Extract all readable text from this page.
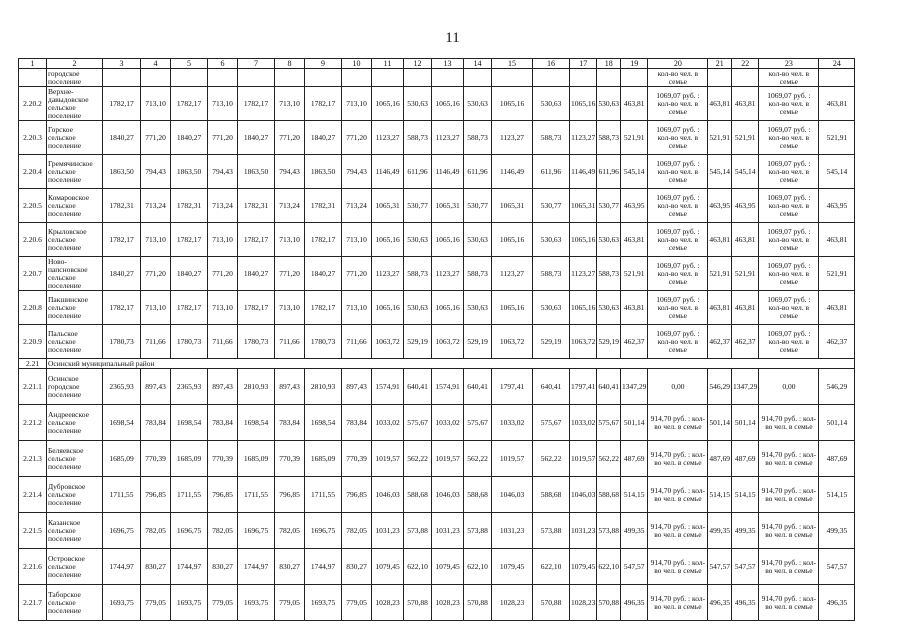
11
1	2	3	4	5	6	7	8	9	10	11	12	13	14	15	16	17	18	19	20	21	22	23	24
	городское поселение																		кол-во чел. в семье			кол-во чел. в семье	
2.20.2	Верхне-давыдовское сельское поселение	1782,17	713,10	1782,17	713,10	1782,17	713,10	1782,17	713,10	1065,16	530,63	1065,16	530,63	1065,16	530,63	1065,16	530,63	463,81	1069,07 руб. : кол-во чел. в семье	463,81	463,81	1069,07 руб. : кол-во чел. в семье	463,81
2.20.3	Горское сельское поселение	1840,27	771,20	1840,27	771,20	1840,27	771,20	1840,27	771,20	1123,27	588,73	1123,27	588,73	1123,27	588,73	1123,27	588,73	521,91	1069,07 руб. : кол-во чел. в семье	521,91	521,91	1069,07 руб. : кол-во чел. в семье	521,91
2.20.4	Гремячинское сельское поселение	1863,50	794,43	1863,50	794,43	1863,50	794,43	1863,50	794,43	1146,49	611,96	1146,49	611,96	1146,49	611,96	1146,49	611,96	545,14	1069,07 руб. : кол-во чел. в семье	545,14	545,14	1069,07 руб. : кол-во чел. в семье	545,14
2.20.5	Комаровское сельское поселение	1782,31	713,24	1782,31	713,24	1782,31	713,24	1782,31	713,24	1065,31	530,77	1065,31	530,77	1065,31	530,77	1065,31	530,77	463,95	1069,07 руб. : кол-во чел. в семье	463,95	463,95	1069,07 руб. : кол-во чел. в семье	463,95
2.20.6	Крыловское сельское поселение	1782,17	713,10	1782,17	713,10	1782,17	713,10	1782,17	713,10	1065,16	530,63	1065,16	530,63	1065,16	530,63	1065,16	530,63	463,81	1069,07 руб. : кол-во чел. в семье	463,81	463,81	1069,07 руб. : кол-во чел. в семье	463,81
2.20.7	Ново-папсновское сельское поселение	1840,27	771,20	1840,27	771,20	1840,27	771,20	1840,27	771,20	1123,27	588,73	1123,27	588,73	1123,27	588,73	1123,27	588,73	521,91	1069,07 руб. : кол-во чел. в семье	521,91	521,91	1069,07 руб. : кол-во чел. в семье	521,91
2.20.8	Пакшинское сельское поселение	1782,17	713,10	1782,17	713,10	1782,17	713,10	1782,17	713,10	1065,16	530,63	1065,16	530,63	1065,16	530,63	1065,16	530,63	463,81	1069,07 руб. : кол-во чел. в семье	463,81	463,81	1069,07 руб. : кол-во чел. в семье	463,81
2.20.9	Пальское сельское поселение	1780,73	711,66	1780,73	711,66	1780,73	711,66	1780,73	711,66	1063,72	529,19	1063,72	529,19	1063,72	529,19	1063,72	529,19	462,37	1069,07 руб. : кол-во чел. в семье	462,37	462,37	1069,07 руб. : кол-во чел. в семье	462,37
2.21	Осинский муниципальный район																						
2.21.1	Осинское городское поселение	2365,93	897,43	2365,93	897,43	2810,93	897,43	2810,93	897,43	1574,91	640,41	1574,91	640,41	1797,41	640,41	1797,41	640,41	1347,29	0,00	546,29	1347,29	0,00	546,29
2.21.2	Андреевское сельское поселение	1698,54	783,84	1698,54	783,84	1698,54	783,84	1698,54	783,84	1033,02	575,67	1033,02	575,67	1033,02	575,67	1033,02	575,67	501,14	914,70 руб. : кол-во чел. в семье	501,14	501,14	914,70 руб. : кол-во чел. в семье	501,14
2.21.3	Беляевское сельское поселение	1685,09	770,39	1685,09	770,39	1685,09	770,39	1685,09	770,39	1019,57	562,22	1019,57	562,22	1019,57	562,22	1019,57	562,22	487,69	914,70 руб. : кол-во чел. в семье	487,69	487,69	914,70 руб. : кол-во чел. в семье	487,69
2.21.4	Дубровское сельское поселение	1711,55	796,85	1711,55	796,85	1711,55	796,85	1711,55	796,85	1046,03	588,68	1046,03	588,68	1046,03	588,68	1046,03	588,68	514,15	914,70 руб. : кол-во чел. в семье	514,15	514,15	914,70 руб. : кол-во чел. в семье	514,15
2.21.5	Казанское сельское поселение	1696,75	782,05	1696,75	782,05	1696,75	782,05	1696,75	782,05	1031,23	573,88	1031,23	573,88	1031,23	573,88	1031,23	573,88	499,35	914,70 руб. : кол-во чел. в семье	499,35	499,35	914,70 руб. : кол-во чел. в семье	499,35
2.21.6	Островское сельское поселение	1744,97	830,27	1744,97	830,27	1744,97	830,27	1744,97	830,27	1079,45	622,10	1079,45	622,10	1079,45	622,10	1079,45	622,10	547,57	914,70 руб. : кол-во чел. в семье	547,57	547,57	914,70 руб. : кол-во чел. в семье	547,57
2.21.7	Таборское сельское поселение	1693,75	779,05	1693,75	779,05	1693,75	779,05	1693,75	779,05	1028,23	570,88	1028,23	570,88	1028,23	570,88	1028,23	570,88	496,35	914,70 руб. : кол-во чел. в семье	496,35	496,35	914,70 руб. : кол-во чел. в семье	496,35
